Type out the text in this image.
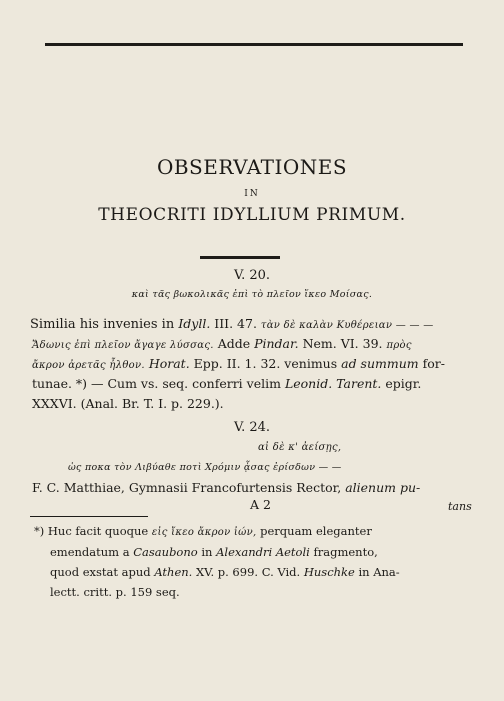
OBSERVATIONES
IN
THEOCRITI IDYLLIUM PRIMUM.
V. 20.
καὶ τᾶς βωκολικᾶς ἐπὶ τὸ πλεῖον ἵκεο Μοίσας.
Similia his invenies in Idyll. III. 47. τὰν δὲ καλὰν Κυθέρειαν — — —
Ἄδωνις ἐπὶ πλεῖον ἄγαγε λύσσας. Adde Pindar. Nem. VI. 39. πρὸς
ἄκρον ἀρετᾶς ἦλθον. Horat. Epp. II. 1. 32. venimus ad summum for-
tunae. *) — Cum vs. seq. conferri velim Leonid. Tarent. epigr.
XXXVI. (Anal. Br. T. I. p. 229.).
V. 24.
αἰ δὲ κ' ἀείσῃς,
ὡς ποκα τὸν Λιβύαθε ποτὶ Χρόμιν ᾆσας ἐρίσδων — —
F. C. Matthiae, Gymnasii Francofurtensis Rector, alienum pu-
A 2	tans
*) Huc facit quoque εἰς ἴκεο ἄκρον ἰών, perquam eleganter
emendatum a Casaubono in Alexandri Aetoli fragmento,
quod exstat apud Athen. XV. p. 699. C. Vid. Huschke in Ana-
lectt. critt. p. 159 seq.
